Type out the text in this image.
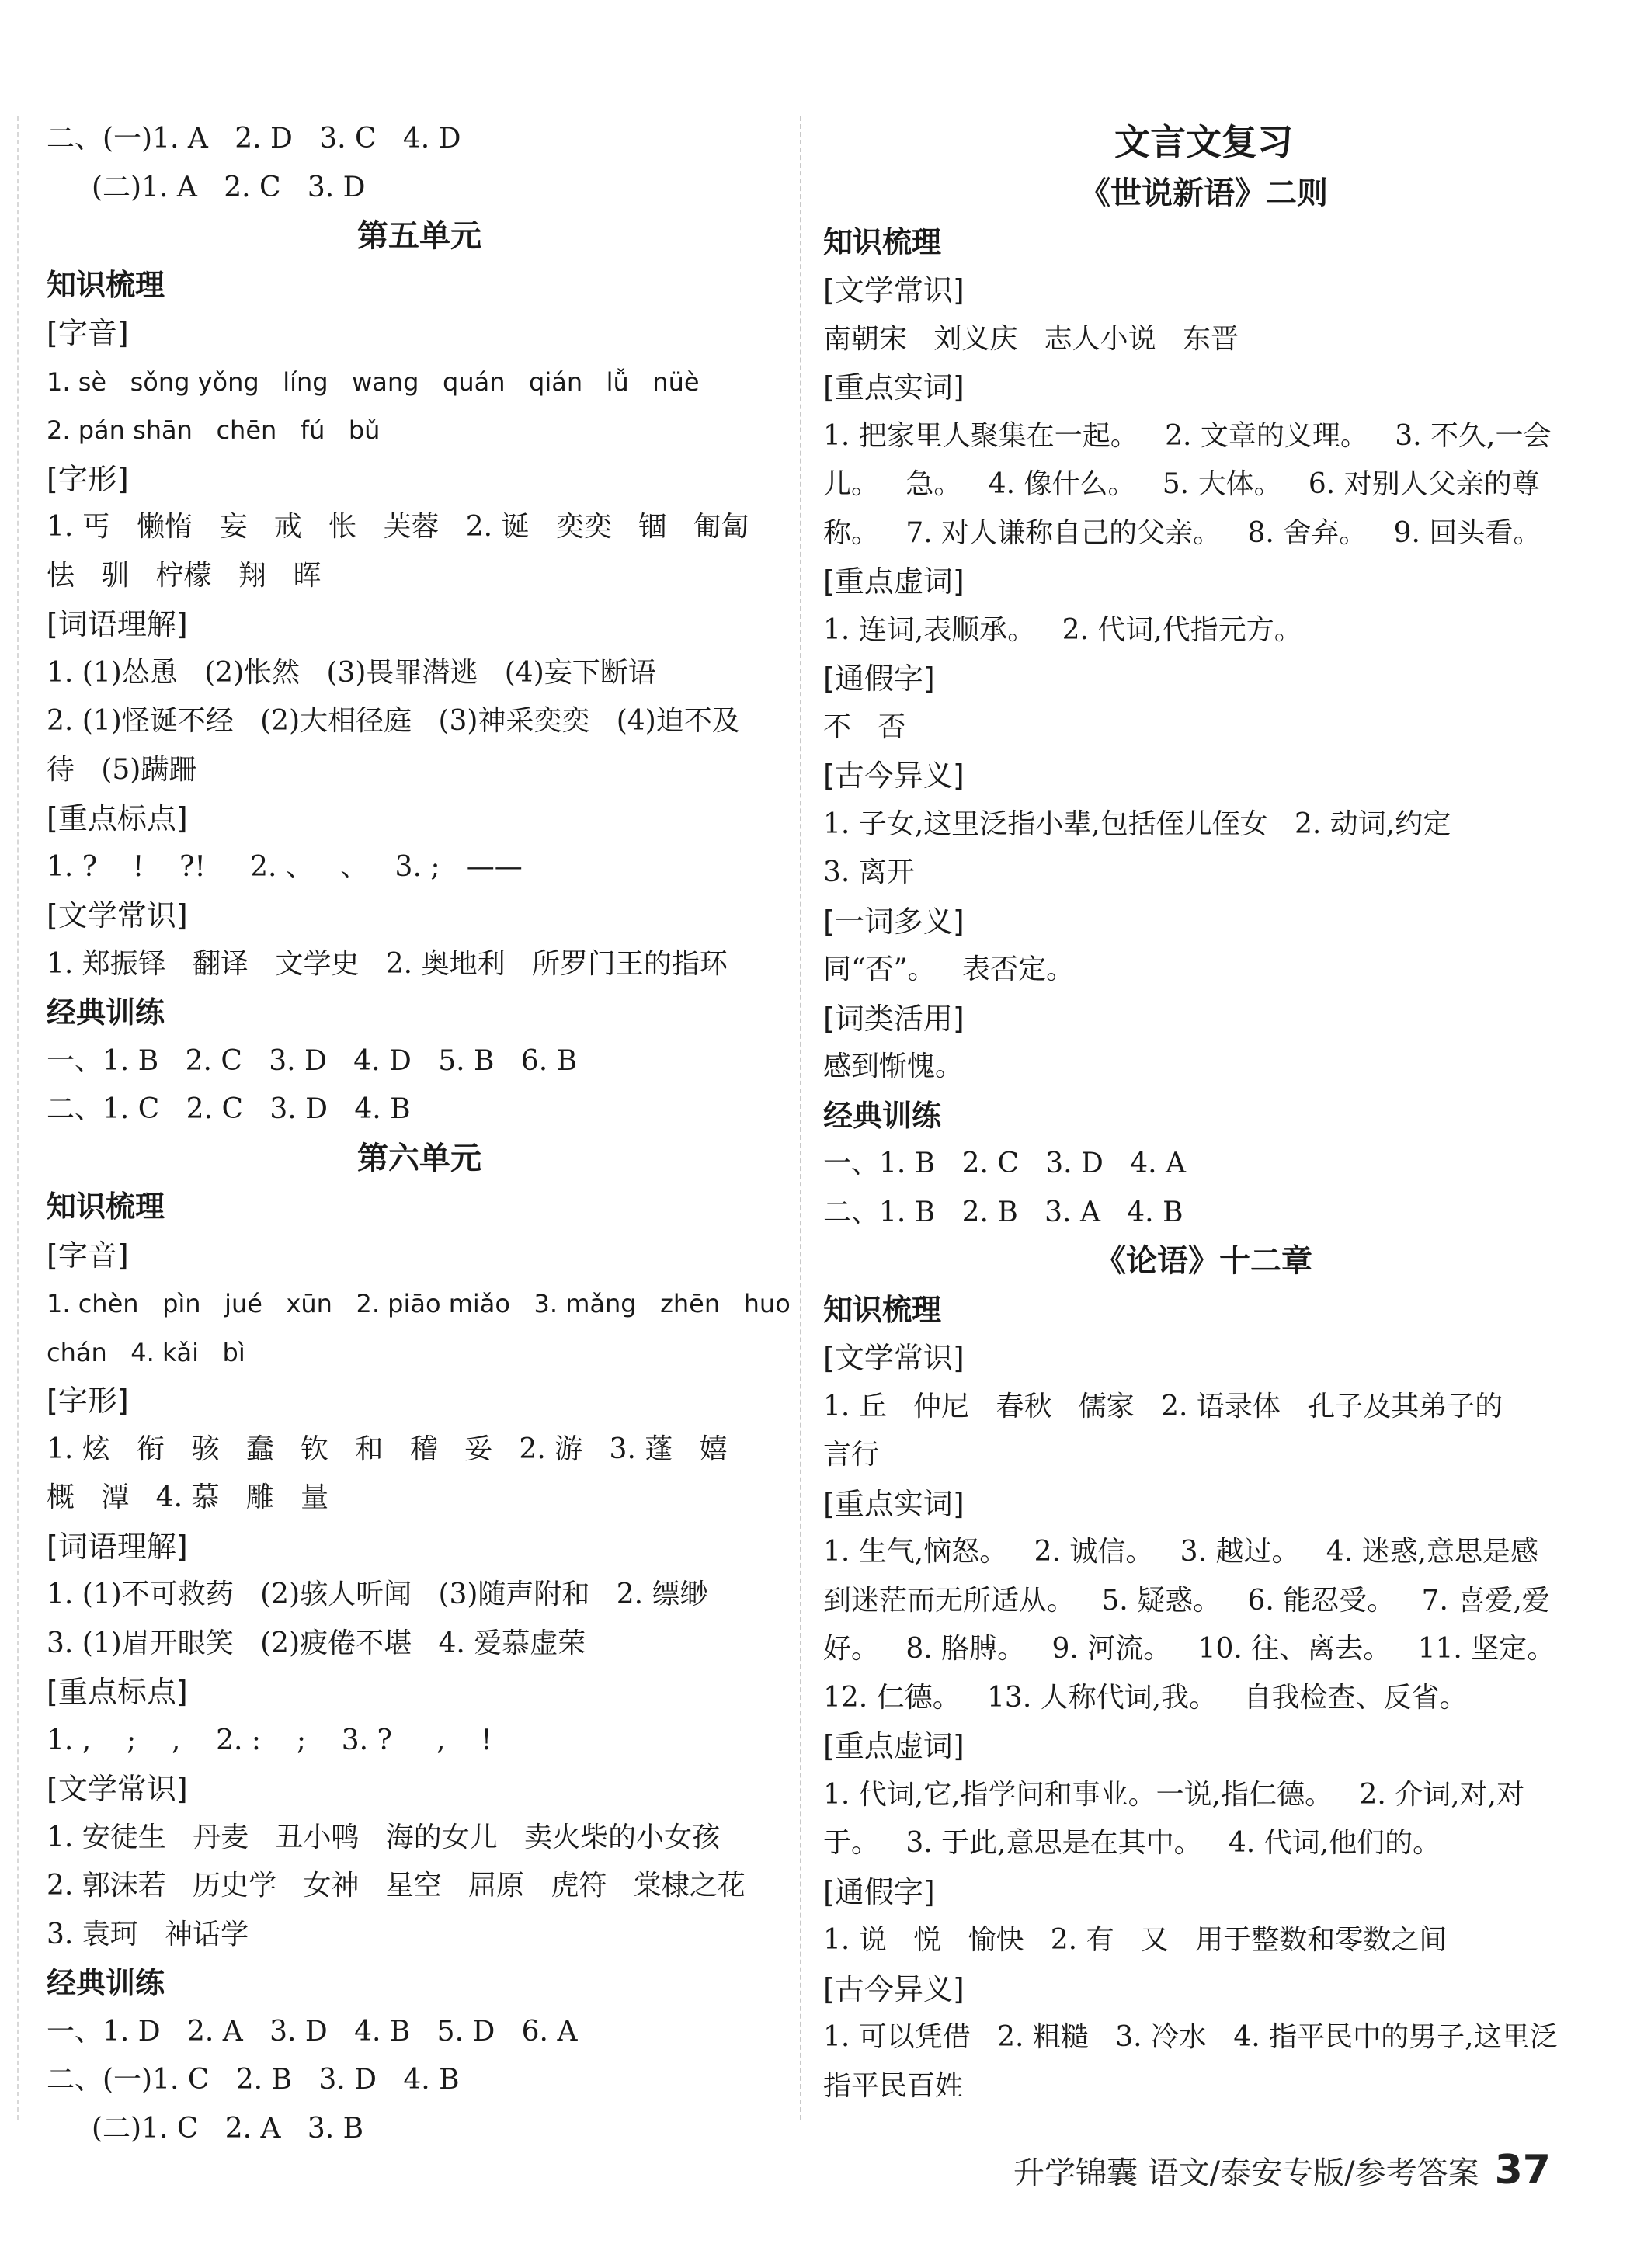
二、(一)1. A   2. D   3. C   4. D
(二)1. A   2. C   3. D
第五单元
知识梳理
[字音]
1. sè   sǒng yǒng   líng   wang   quán   qián   lǚ   nüè
2. pán shān   chēn   fú   bǔ
[字形]
1. 丐   懒惰   妄   戒   怅   芙蓉   2. 诞   奕奕   锢   匍匐
怯   驯   柠檬   翔   晖
[词语理解]
1. (1)怂恿   (2)怅然   (3)畏罪潜逃   (4)妄下断语
2. (1)怪诞不经   (2)大相径庭   (3)神采奕奕   (4)迫不及
待   (5)蹒跚
[重点标点]
1. ?    !    ?!     2. 、   、   3. ;   ——
[文学常识]
1. 郑振铎   翻译   文学史   2. 奥地利   所罗门王的指环
经典训练
一、1. B   2. C   3. D   4. D   5. B   6. B
二、1. C   2. C   3. D   4. B
第六单元
知识梳理
[字音]
1. chèn   pìn   jué   xūn   2. piāo miǎo   3. mǎng   zhēn   huo
chán   4. kǎi   bì
[字形]
1. 炫   衔   骇   蠢   钦   和   稽   妥   2. 游   3. 蓬   嬉
概   潭   4. 慕   雕   量
[词语理解]
1. (1)不可救药   (2)骇人听闻   (3)随声附和   2. 缥缈
3. (1)眉开眼笑   (2)疲倦不堪   4. 爱慕虚荣
[重点标点]
1. ,    ;    ,    2. :    ;    3. ?     ,    !
[文学常识]
1. 安徒生   丹麦   丑小鸭   海的女儿   卖火柴的小女孩
2. 郭沫若   历史学   女神   星空   屈原   虎符   棠棣之花
3. 袁珂   神话学
经典训练
一、1. D   2. A   3. D   4. B   5. D   6. A
二、(一)1. C   2. B   3. D   4. B
(二)1. C   2. A   3. B
文言文复习
《世说新语》二则
知识梳理
[文学常识]
南朝宋   刘义庆   志人小说   东晋
[重点实词]
1. 把家里人聚集在一起。   2. 文章的义理。   3. 不久,一会
儿。   急。   4. 像什么。   5. 大体。   6. 对别人父亲的尊
称。   7. 对人谦称自己的父亲。   8. 舍弃。   9. 回头看。
[重点虚词]
1. 连词,表顺承。   2. 代词,代指元方。
[通假字]
不   否
[古今异义]
1. 子女,这里泛指小辈,包括侄儿侄女   2. 动词,约定
3. 离开
[一词多义]
同“否”。   表否定。
[词类活用]
感到惭愧。
经典训练
一、1. B   2. C   3. D   4. A
二、1. B   2. B   3. A   4. B
《论语》十二章
知识梳理
[文学常识]
1. 丘   仲尼   春秋   儒家   2. 语录体   孔子及其弟子的
言行
[重点实词]
1. 生气,恼怒。   2. 诚信。   3. 越过。   4. 迷惑,意思是感
到迷茫而无所适从。   5. 疑惑。   6. 能忍受。   7. 喜爱,爱
好。   8. 胳膊。   9. 河流。   10. 往、离去。   11. 坚定。
12. 仁德。   13. 人称代词,我。   自我检查、反省。
[重点虚词]
1. 代词,它,指学问和事业。一说,指仁德。   2. 介词,对,对
于。   3. 于此,意思是在其中。   4. 代词,他们的。
[通假字]
1. 说   悦   愉快   2. 有   又   用于整数和零数之间
[古今异义]
1. 可以凭借   2. 粗糙   3. 冷水   4. 指平民中的男子,这里泛
指平民百姓
升学锦囊 语文/泰安专版/参考答案 37
